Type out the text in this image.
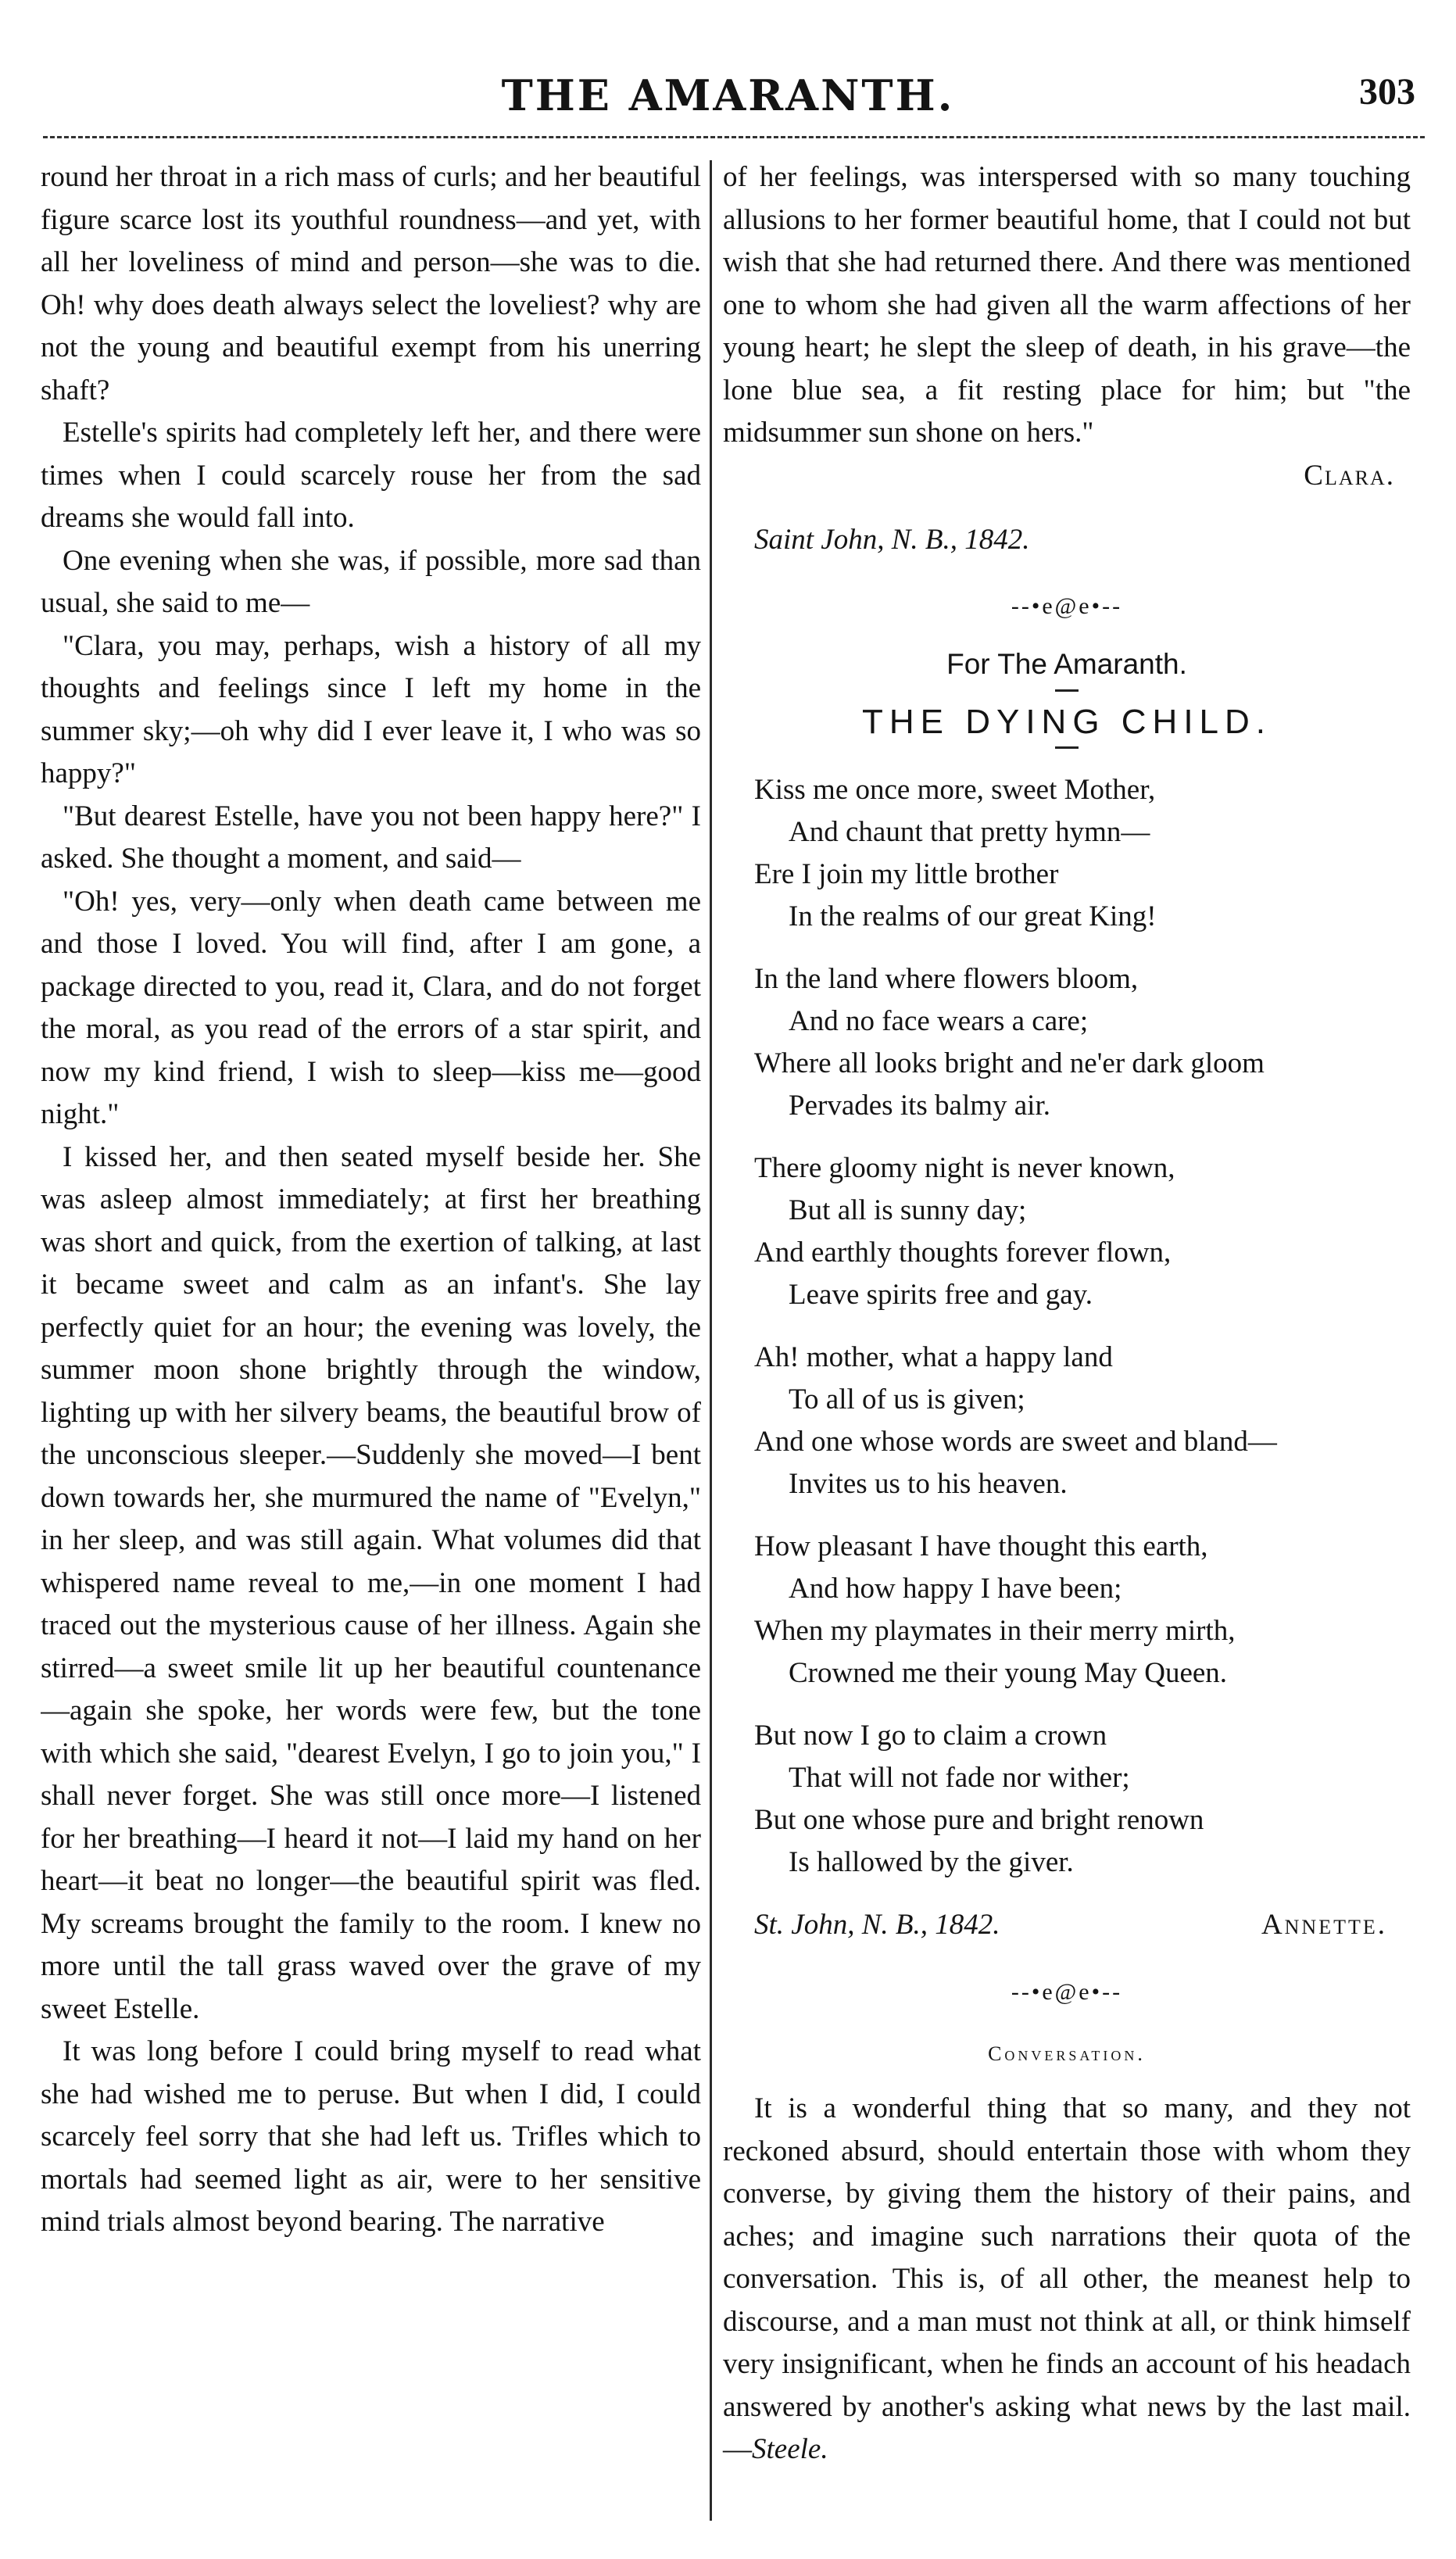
THE AMARANTH.	303

round her throat in a rich mass of curls; and her beautiful figure scarce lost its youthful roundness—and yet, with all her loveliness of mind and person—she was to die. Oh! why does death always select the loveliest? why are not the young and beautiful exempt from his unerring shaft?

Estelle's spirits had completely left her, and there were times when I could scarcely rouse her from the sad dreams she would fall into.

One evening when she was, if possible, more sad than usual, she said to me—

"Clara, you may, perhaps, wish a history of all my thoughts and feelings since I left my home in the summer sky;—oh why did I ever leave it, I who was so happy?"

"But dearest Estelle, have you not been happy here?" I asked. She thought a moment, and said—

"Oh! yes, very—only when death came between me and those I loved. You will find, after I am gone, a package directed to you, read it, Clara, and do not forget the moral, as you read of the errors of a star spirit, and now my kind friend, I wish to sleep—kiss me—good night."

I kissed her, and then seated myself beside her. She was asleep almost immediately; at first her breathing was short and quick, from the exertion of talking, at last it became sweet and calm as an infant's. She lay perfectly quiet for an hour; the evening was lovely, the summer moon shone brightly through the window, lighting up with her silvery beams, the beautiful brow of the unconscious sleeper.—Suddenly she moved—I bent down towards her, she murmured the name of "Evelyn," in her sleep, and was still again. What volumes did that whispered name reveal to me,—in one moment I had traced out the mysterious cause of her illness. Again she stirred—a sweet smile lit up her beautiful countenance—again she spoke, her words were few, but the tone with which she said, "dearest Evelyn, I go to join you," I shall never forget. She was still once more—I listened for her breathing—I heard it not—I laid my hand on her heart—it beat no longer—the beautiful spirit was fled. My screams brought the family to the room. I knew no more until the tall grass waved over the grave of my sweet Estelle.

It was long before I could bring myself to read what she had wished me to peruse. But when I did, I could scarcely feel sorry that she had left us. Trifles which to mortals had seemed light as air, were to her sensitive mind trials almost beyond bearing. The narrative

of her feelings, was interspersed with so many touching allusions to her former beautiful home, that I could not but wish that she had returned there. And there was mentioned one to whom she had given all the warm affections of her young heart; he slept the sleep of death, in his grave—the lone blue sea, a fit resting place for him; but "the midsummer sun shone on hers."

Clara.

Saint John, N. B., 1842.

--•e@e•--
For The Amaranth.
THE DYING CHILD.
Kiss me once more, sweet Mother,
And chaunt that pretty hymn—
Ere I join my little brother
In the realms of our great King!
In the land where flowers bloom,
And no face wears a care;
Where all looks bright and ne'er dark gloom
Pervades its balmy air.
There gloomy night is never known,
But all is sunny day;
And earthly thoughts forever flown,
Leave spirits free and gay.
Ah! mother, what a happy land
To all of us is given;
And one whose words are sweet and bland—
Invites us to his heaven.
How pleasant I have thought this earth,
And how happy I have been;
When my playmates in their merry mirth,
Crowned me their young May Queen.
But now I go to claim a crown
That will not fade nor wither;
But one whose pure and bright renown
Is hallowed by the giver.
St. John, N. B., 1842.	Annette.
--•e@e•--
Conversation.

It is a wonderful thing that so many, and they not reckoned absurd, should entertain those with whom they converse, by giving them the history of their pains, and aches; and imagine such narrations their quota of the conversation. This is, of all other, the meanest help to discourse, and a man must not think at all, or think himself very insignificant, when he finds an account of his headach answered by another's asking what news by the last mail.—Steele.
